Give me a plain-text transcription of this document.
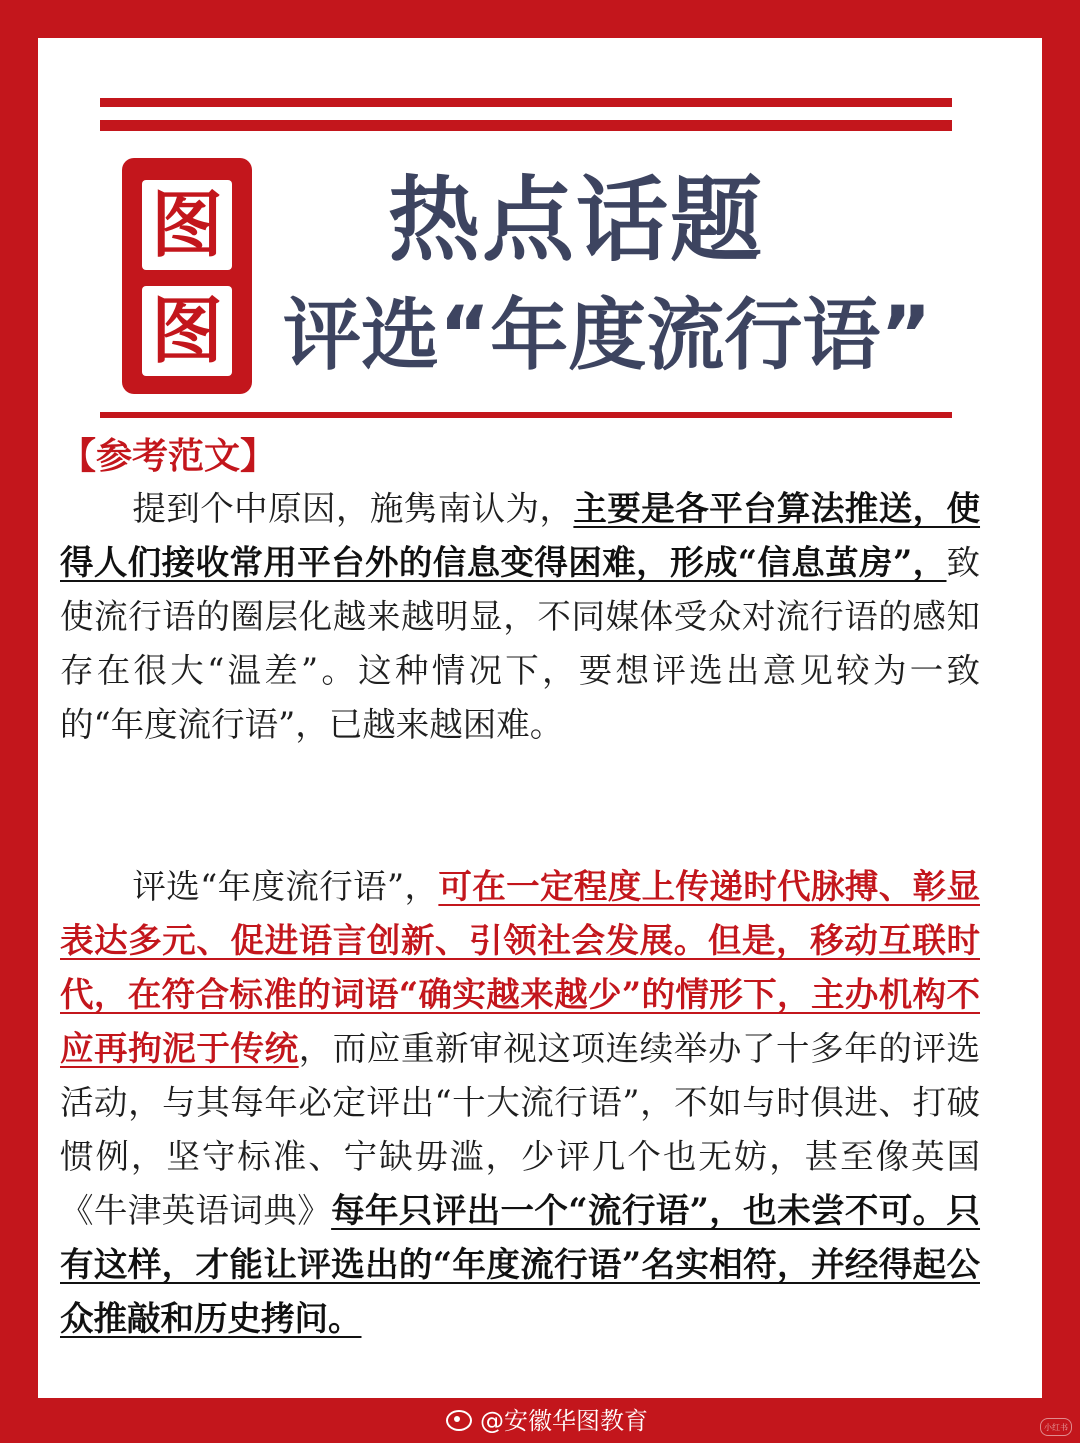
图
图
热点话题
评选“年度流行语”
【参考范文】

提到个中原因，施隽南认为，主要是各平台算法推送，使得人们接收常用平台外的信息变得困难，形成“信息茧房”，致使流行语的圈层化越来越明显，不同媒体受众对流行语的感知存在很大“温差”。这种情况下，要想评选出意见较为一致的“年度流行语”，已越来越困难。

评选“年度流行语”，可在一定程度上传递时代脉搏、彰显表达多元、促进语言创新、引领社会发展。但是，移动互联时代，在符合标准的词语“确实越来越少”的情形下，主办机构不应再拘泥于传统，而应重新审视这项连续举办了十多年的评选活动，与其每年必定评出“十大流行语”，不如与时俱进、打破惯例，坚守标准、宁缺毋滥，少评几个也无妨，甚至像英国《牛津英语词典》每年只评出一个“流行语”，也未尝不可。只有这样，才能让评选出的“年度流行语”名实相符，并经得起公众推敲和历史拷问。

@安徽华图教育	小红书
